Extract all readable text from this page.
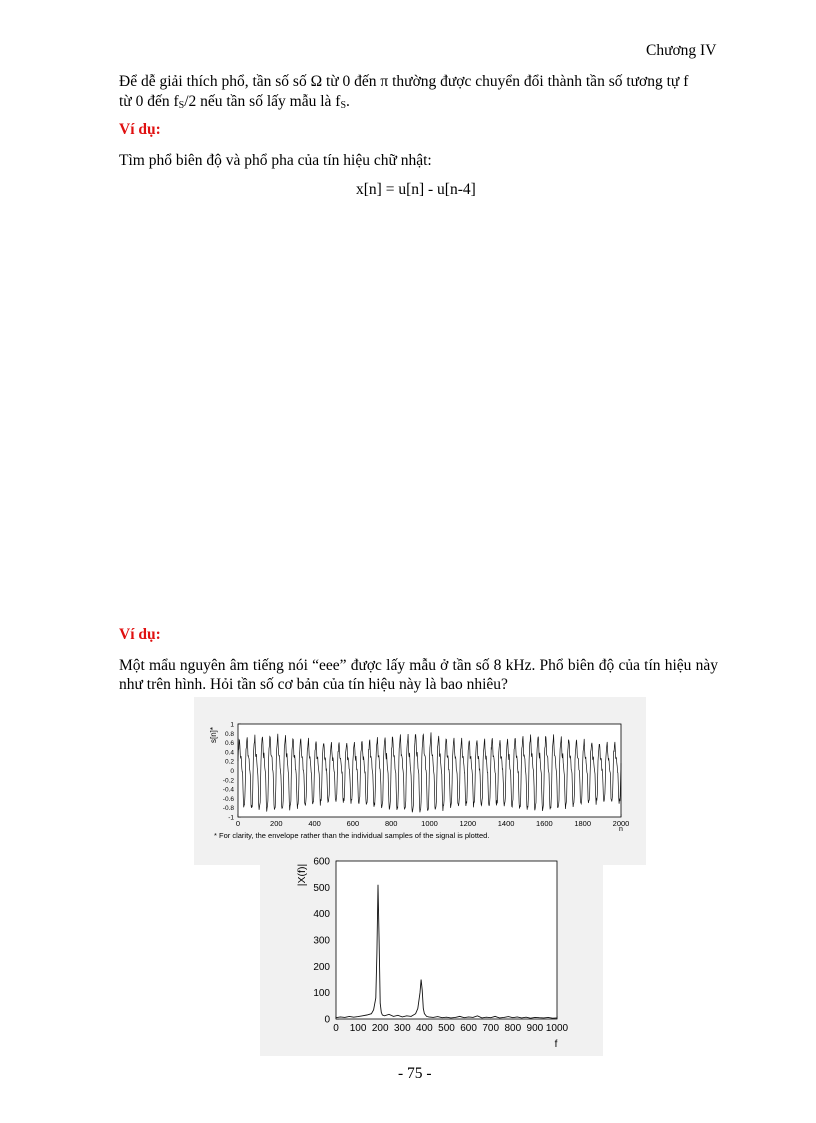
Chương IV
Để dễ giải thích phổ, tần số số Ω từ 0 đến π thường được chuyển đổi thành tần số tương tự f
từ 0 đến $f_S/2$ nếu tần số lấy mẫu là $f_S$.
Ví dụ:
Tìm phổ biên độ và phổ pha của tín hiệu chữ nhật:
x[n] = u[n] - u[n-4]
Ví dụ:
Một mẩu nguyên âm tiếng nói “eee” được lấy mẫu ở tần số 8 kHz. Phổ biên độ của tín hiệu này như trên hình. Hỏi tần số cơ bản của tín hiệu này là bao nhiêu?
s[n]*
1
0.8
0.6
0.4
0.2
0
-0.2
-0.4
-0.6
-0.8
-1
0	200	400	600	800	1000	1200	1400	1600	1800	2000
n
* For clarity, the envelope rather than the individual samples of the signal is plotted.
|X(f)|
600
500
400
300
200
100
0
0 100 200 300 400 500 600 700 800 900 1000
f
- 75 -
